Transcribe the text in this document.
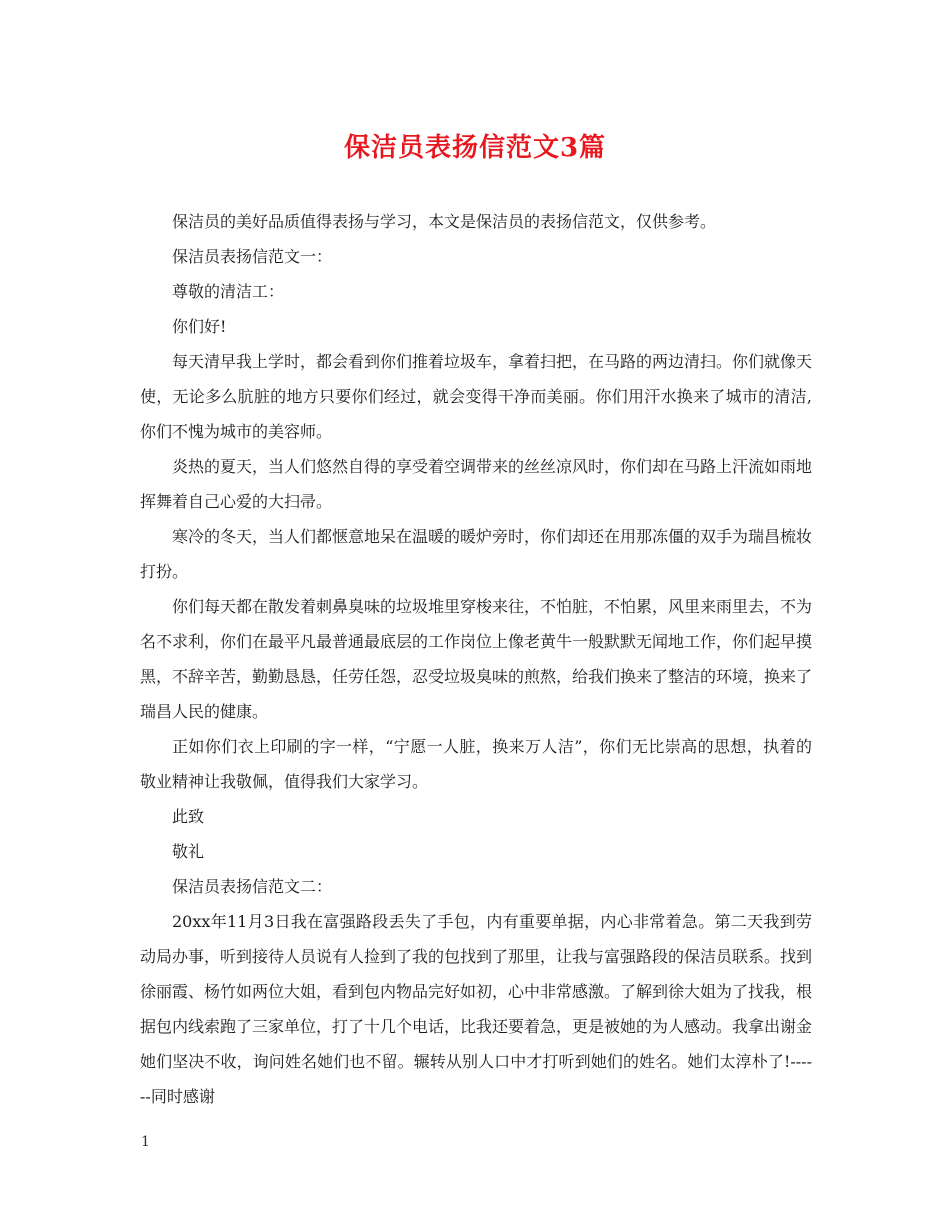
保洁员表扬信范文3篇

保洁员的美好品质值得表扬与学习，本文是保洁员的表扬信范文，仅供参考。

保洁员表扬信范文一：

尊敬的清洁工：

你们好!

每天清早我上学时，都会看到你们推着垃圾车，拿着扫把，在马路的两边清扫。你们就像天使，无论多么肮脏的地方只要你们经过，就会变得干净而美丽。你们用汗水换来了城市的清洁,你们不愧为城市的美容师。

炎热的夏天，当人们悠然自得的享受着空调带来的丝丝凉风时，你们却在马路上汗流如雨地挥舞着自己心爱的大扫帚。

寒冷的冬天，当人们都惬意地呆在温暖的暖炉旁时，你们却还在用那冻僵的双手为瑞昌梳妆打扮。

你们每天都在散发着刺鼻臭味的垃圾堆里穿梭来往，不怕脏，不怕累，风里来雨里去，不为名不求利，你们在最平凡最普通最底层的工作岗位上像老黄牛一般默默无闻地工作，你们起早摸黑，不辞辛苦，勤勤恳恳，任劳任怨，忍受垃圾臭味的煎熬，给我们换来了整洁的环境，换来了瑞昌人民的健康。

正如你们衣上印刷的字一样，“宁愿一人脏，换来万人洁”，你们无比崇高的思想，执着的敬业精神让我敬佩，值得我们大家学习。

此致

敬礼

保洁员表扬信范文二：

20xx年11月3日我在富强路段丢失了手包，内有重要单据，内心非常着急。第二天我到劳动局办事，听到接待人员说有人捡到了我的包找到了那里，让我与富强路段的保洁员联系。找到徐丽霞、杨竹如两位大姐，看到包内物品完好如初，心中非常感激。了解到徐大姐为了找我，根据包内线索跑了三家单位，打了十几个电话，比我还要着急，更是被她的为人感动。我拿出谢金她们坚决不收，询问姓名她们也不留。辗转从别人口中才打听到她们的姓名。她们太淳朴了!------同时感谢

1
